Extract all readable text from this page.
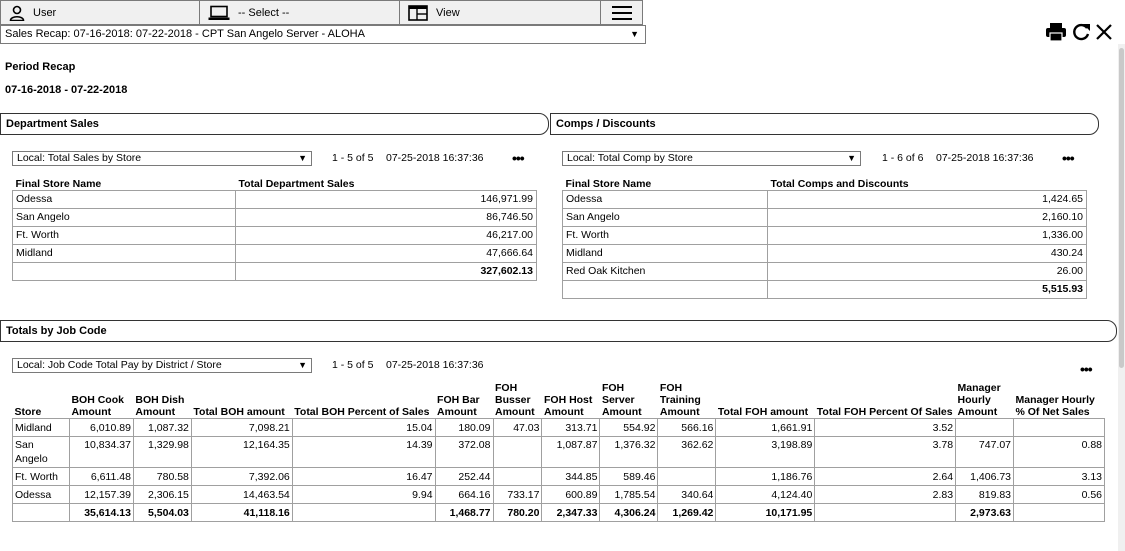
User	-- Select --	View
Sales Recap: 07-16-2018: 07-22-2018 - CPT San Angelo Server - ALOHA	▼
Period Recap
07-16-2018 - 07-22-2018
Department Sales
Local: Total Sales by Store	▼ 1 - 5 of 5 07-25-2018 16:37:36 •••
Final Store Name	Total Department Sales
Odessa	146,971.99
San Angelo	86,746.50
Ft. Worth	46,217.00
Midland	47,666.64
	327,602.13
Comps / Discounts
Local: Total Comp by Store	▼ 1 - 6 of 6 07-25-2018 16:37:36 •••
Final Store Name	Total Comps and Discounts
Odessa	1,424.65
San Angelo	2,160.10
Ft. Worth	1,336.00
Midland	430.24
Red Oak Kitchen	26.00
	5,515.93
Totals by Job Code
Local: Job Code Total Pay by District / Store	▼ 1 - 5 of 5 07-25-2018 16:37:36	•••
Store	BOH Cook Amount	BOH Dish Amount	Total BOH amount	Total BOH Percent of Sales	FOH Bar Amount	FOH Busser Amount	FOH Host Amount	FOH Server Amount	FOH Training Amount	Total FOH amount	Total FOH Percent Of Sales	Manager Hourly Amount	Manager Hourly % Of Net Sales
Midland	6,010.89	1,087.32	7,098.21	15.04	180.09	47.03	313.71	554.92	566.16	1,661.91	3.52		
San Angelo	10,834.37	1,329.98	12,164.35	14.39	372.08		1,087.87	1,376.32	362.62	3,198.89	3.78	747.07	0.88
Ft. Worth	6,611.48	780.58	7,392.06	16.47	252.44		344.85	589.46		1,186.76	2.64	1,406.73	3.13
Odessa	12,157.39	2,306.15	14,463.54	9.94	664.16	733.17	600.89	1,785.54	340.64	4,124.40	2.83	819.83	0.56
	35,614.13	5,504.03	41,118.16		1,468.77	780.20	2,347.33	4,306.24	1,269.42	10,171.95		2,973.63	
